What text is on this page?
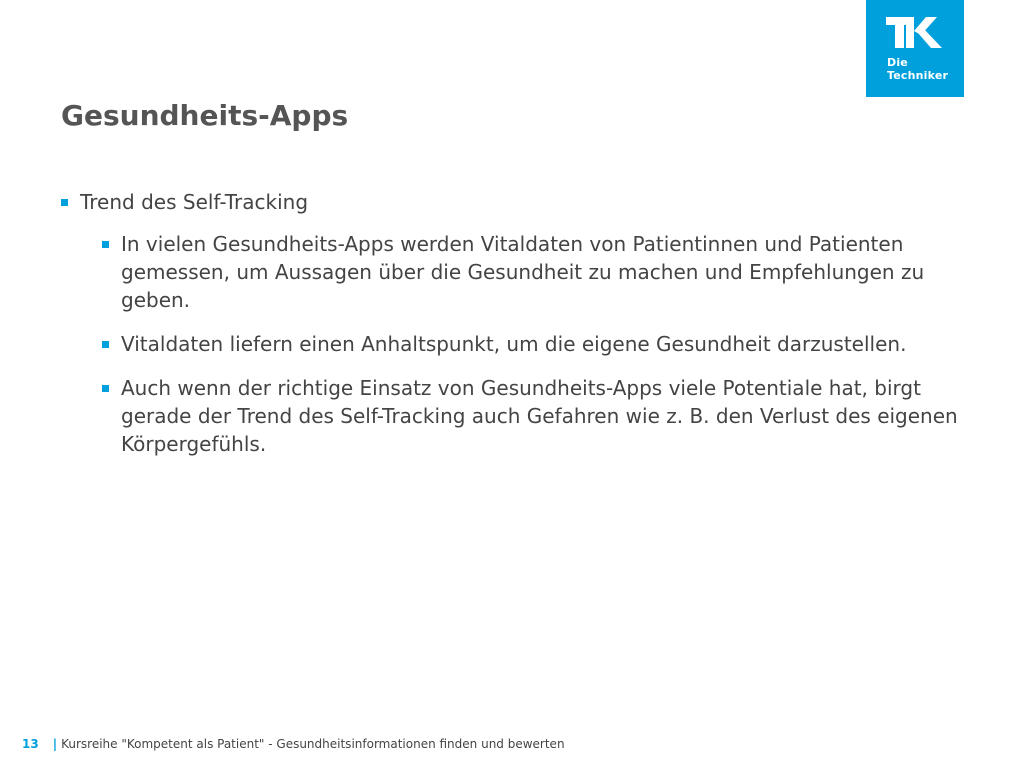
Die
Techniker
Gesundheits-Apps
Trend des Self-Tracking
In vielen Gesundheits-Apps werden Vitaldaten von Patientinnen und Patienten gemessen, um Aussagen über die Gesundheit zu machen und Empfehlungen zu geben.
Vitaldaten liefern einen Anhaltspunkt, um die eigene Gesundheit darzustellen.
Auch wenn der richtige Einsatz von Gesundheits-Apps viele Potentiale hat, birgt gerade der Trend des Self-Tracking auch Gefahren wie z. B. den Verlust des eigenen Körpergefühls.
13 | Kursreihe "Kompetent als Patient" - Gesundheitsinformationen finden und bewerten
